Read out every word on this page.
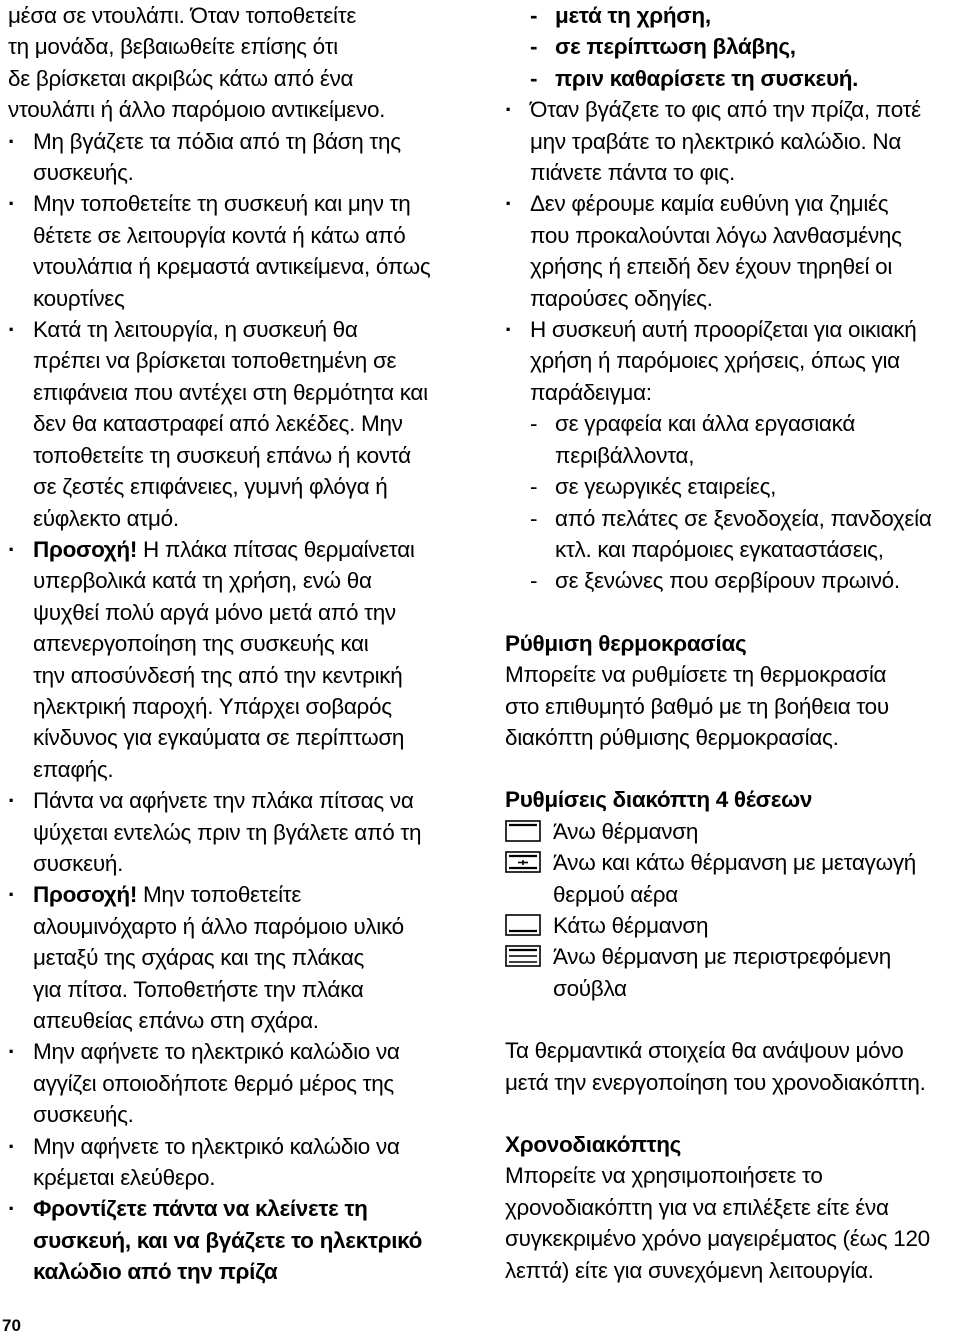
μέσα σε ντουλάπι. Όταν τοποθετείτε
τη μονάδα, βεβαιωθείτε επίσης ότι
δε βρίσκεται ακριβώς κάτω από ένα
ντουλάπι ή άλλο παρόμοιο αντικείμενο.
· Μη βγάζετε τα πόδια από τη βάση της
συσκευής.
· Μην τοποθετείτε τη συσκευή και μην τη
θέτετε σε λειτουργία κοντά ή κάτω από
ντουλάπια ή κρεμαστά αντικείμενα, όπως
κουρτίνες
· Κατά τη λειτουργία, η συσκευή θα
πρέπει να βρίσκεται τοποθετημένη σε
επιφάνεια που αντέχει στη θερμότητα και
δεν θα καταστραφεί από λεκέδες. Μην
τοποθετείτε τη συσκευή επάνω ή κοντά
σε ζεστές επιφάνειες, γυμνή φλόγα ή
εύφλεκτο ατμό.
· Προσοχή! Η πλάκα πίτσας θερμαίνεται
υπερβολικά κατά τη χρήση, ενώ θα
ψυχθεί πολύ αργά μόνο μετά από την
απενεργοποίηση της συσκευής και
την αποσύνδεσή της από την κεντρική
ηλεκτρική παροχή. Υπάρχει σοβαρός
κίνδυνος για εγκαύματα σε περίπτωση
επαφής.
· Πάντα να αφήνετε την πλάκα πίτσας να
ψύχεται εντελώς πριν τη βγάλετε από τη
συσκευή.
· Προσοχή! Μην τοποθετείτε
αλουμινόχαρτο ή άλλο παρόμοιο υλικό
μεταξύ της σχάρας και της πλάκας
για πίτσα. Τοποθετήστε την πλάκα
απευθείας επάνω στη σχάρα.
· Μην αφήνετε το ηλεκτρικό καλώδιο να
αγγίζει οποιοδήποτε θερμό μέρος της
συσκευής.
· Μην αφήνετε το ηλεκτρικό καλώδιο να
κρέμεται ελεύθερο.
· Φροντίζετε πάντα να κλείνετε τη
συσκευή, και να βγάζετε το ηλεκτρικό
καλώδιο από την πρίζα
- μετά τη χρήση,
- σε περίπτωση βλάβης,
- πριν καθαρίσετε τη συσκευή.
· Όταν βγάζετε το φις από την πρίζα, ποτέ
μην τραβάτε το ηλεκτρικό καλώδιο. Να
πιάνετε πάντα το φις.
· Δεν φέρουμε καμία ευθύνη για ζημιές
που προκαλούνται λόγω λανθασμένης
χρήσης ή επειδή δεν έχουν τηρηθεί οι
παρούσες οδηγίες.
· Η συσκευή αυτή προορίζεται για οικιακή
χρήση ή παρόμοιες χρήσεις, όπως για
παράδειγμα:
- σε γραφεία και άλλα εργασιακά
περιβάλλοντα,
- σε γεωργικές εταιρείες,
- από πελάτες σε ξενοδοχεία, πανδοχεία
κτλ. και παρόμοιες εγκαταστάσεις,
- σε ξενώνες που σερβίρουν πρωινό.
Ρύθμιση θερμοκρασίας
Μπορείτε να ρυθμίσετε τη θερμοκρασία
στο επιθυμητό βαθμό με τη βοήθεια του
διακόπτη ρύθμισης θερμοκρασίας.
Ρυθμίσεις διακόπτη 4 θέσεων
Άνω θέρμανση
Άνω και κάτω θέρμανση με μεταγωγή
θερμού αέρα
Κάτω θέρμανση
Άνω θέρμανση με περιστρεφόμενη
σούβλα
Τα θερμαντικά στοιχεία θα ανάψουν μόνο
μετά την ενεργοποίηση του χρονοδιακόπτη.
Χρονοδιακόπτης
Μπορείτε να χρησιμοποιήσετε το
χρονοδιακόπτη για να επιλέξετε είτε ένα
συγκεκριμένο χρόνο μαγειρέματος (έως 120
λεπτά) είτε για συνεχόμενη λειτουργία.
70
